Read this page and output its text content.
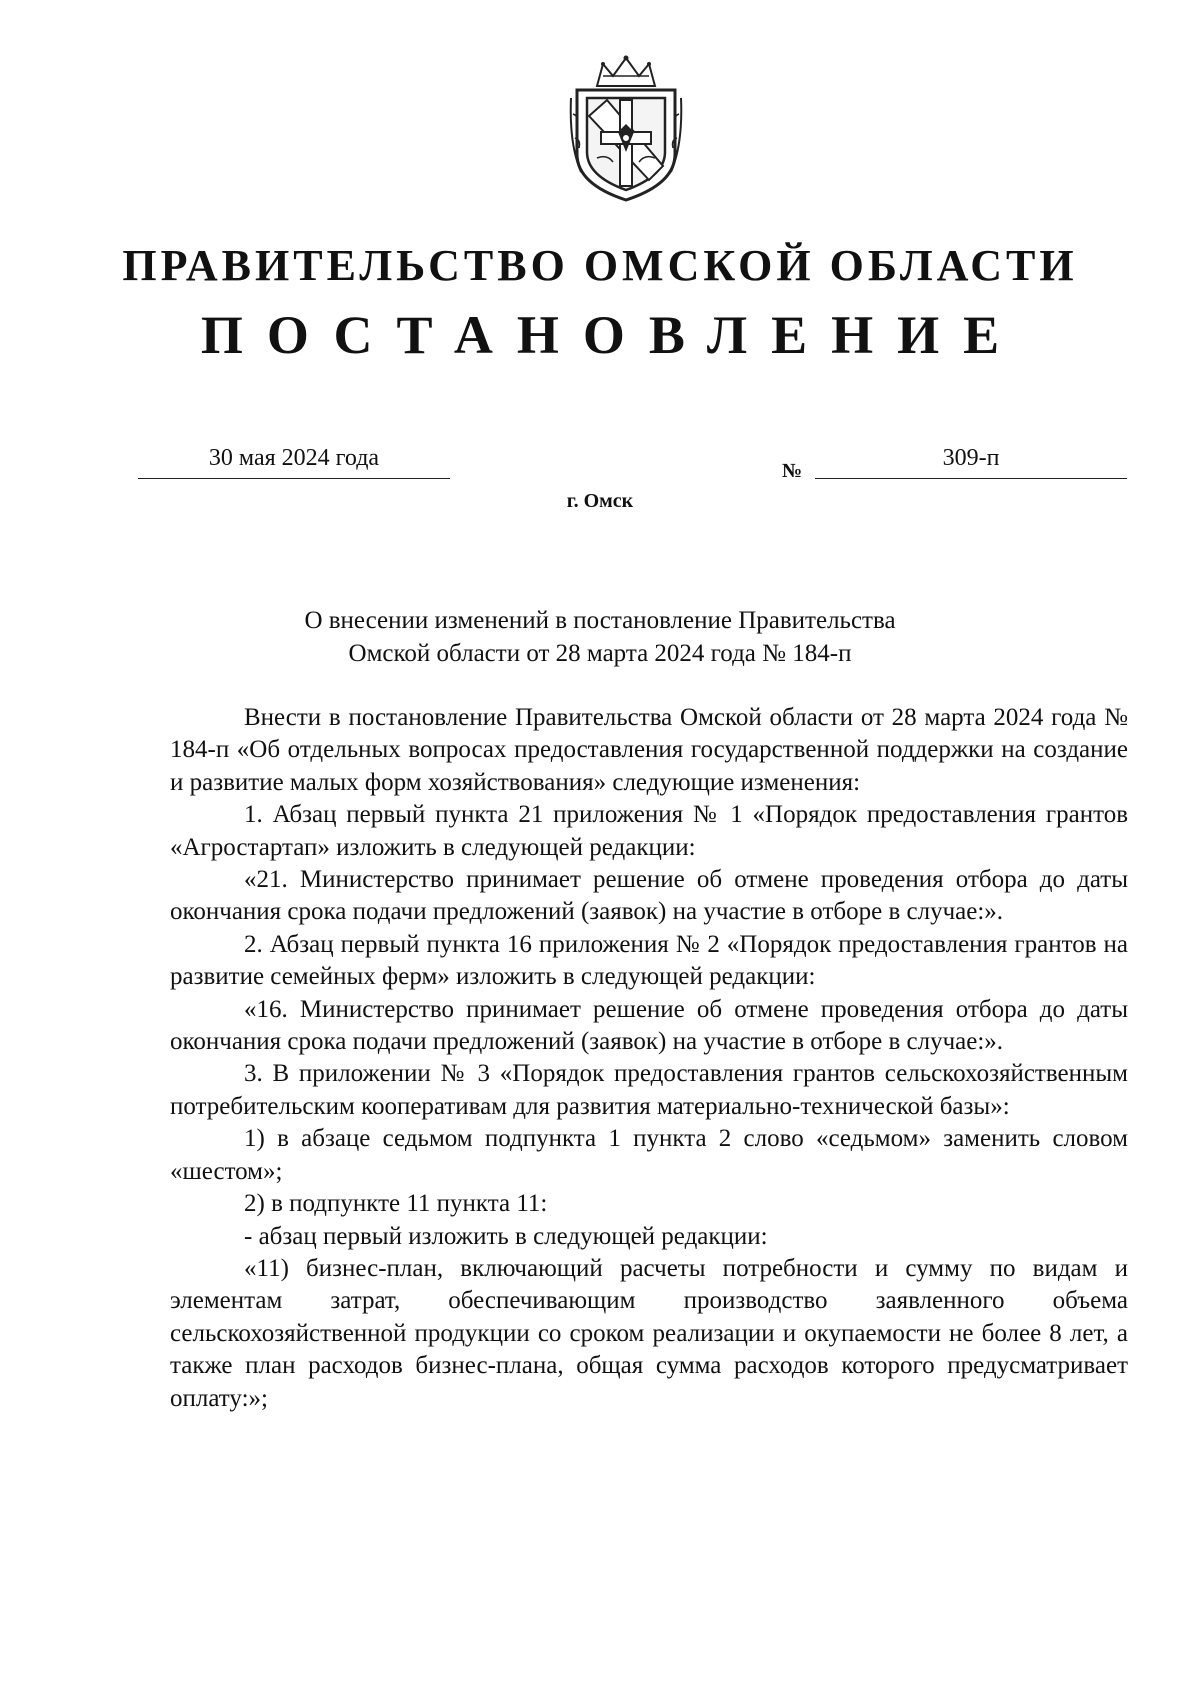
ПРАВИТЕЛЬСТВО ОМСКОЙ ОБЛАСТИ
ПОСТАНОВЛЕНИЕ
30 мая 2024 года	№	309-п
г. Омск
О внесении изменений в постановление Правительства
Омской области от 28 марта 2024 года № 184-п

Внести в постановление Правительства Омской области от 28 марта 2024 года № 184-п «Об отдельных вопросах предоставления государственной поддержки на создание и развитие малых форм хозяйствования» следующие изменения:

1. Абзац первый пункта 21 приложения № 1 «Порядок предоставления грантов «Агростартап» изложить в следующей редакции:

«21. Министерство принимает решение об отмене проведения отбора до даты окончания срока подачи предложений (заявок) на участие в отборе в случае:».

2. Абзац первый пункта 16 приложения № 2 «Порядок предоставления грантов на развитие семейных ферм» изложить в следующей редакции:

«16. Министерство принимает решение об отмене проведения отбора до даты окончания срока подачи предложений (заявок) на участие в отборе в случае:».

3. В приложении № 3 «Порядок предоставления грантов сельскохозяйственным потребительским кооперативам для развития материально-технической базы»:

1) в абзаце седьмом подпункта 1 пункта 2 слово «седьмом» заменить словом «шестом»;

2) в подпункте 11 пункта 11:

- абзац первый изложить в следующей редакции:

«11) бизнес-план, включающий расчеты потребности и сумму по видам и элементам затрат, обеспечивающим производство заявленного объема сельскохозяйственной продукции со сроком реализации и окупаемости не более 8 лет, а также план расходов бизнес-плана, общая сумма расходов которого предусматривает оплату:»;
